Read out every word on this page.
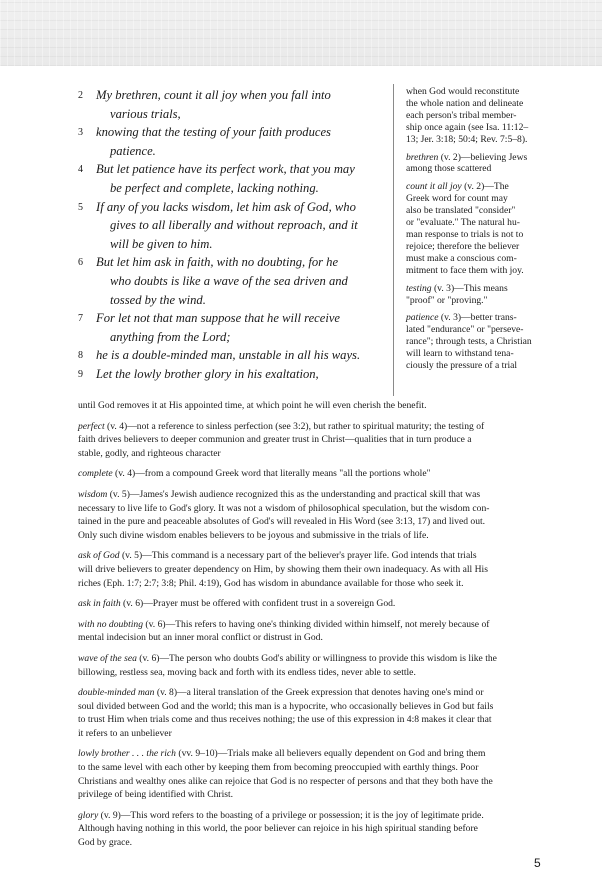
2 My brethren, count it all joy when you fall into
various trials,
3 knowing that the testing of your faith produces
patience.
4 But let patience have its perfect work, that you may
be perfect and complete, lacking nothing.
5 If any of you lacks wisdom, let him ask of God, who
gives to all liberally and without reproach, and it
will be given to him.
6 But let him ask in faith, with no doubting, for he
who doubts is like a wave of the sea driven and
tossed by the wind.
7 For let not that man suppose that he will receive
anything from the Lord;
8 he is a double-minded man, unstable in all his ways.
9 Let the lowly brother glory in his exaltation,
when God would reconstitute
the whole nation and delineate
each person's tribal member-
ship once again (see Isa. 11:12–
13; Jer. 3:18; 50:4; Rev. 7:5–8).
brethren (v. 2)—believing Jews
among those scattered
count it all joy (v. 2)—The
Greek word for count may
also be translated "consider"
or "evaluate." The natural hu-
man response to trials is not to
rejoice; therefore the believer
must make a conscious com-
mitment to face them with joy.
testing (v. 3)—This means
"proof" or "proving."
patience (v. 3)—better trans-
lated "endurance" or "perseve-
rance"; through tests, a Christian
will learn to withstand tena-
ciously the pressure of a trial
until God removes it at His appointed time, at which point he will even cherish the benefit.
perfect (v. 4)—not a reference to sinless perfection (see 3:2), but rather to spiritual maturity; the testing of
faith drives believers to deeper communion and greater trust in Christ—qualities that in turn produce a
stable, godly, and righteous character
complete (v. 4)—from a compound Greek word that literally means "all the portions whole"
wisdom (v. 5)—James's Jewish audience recognized this as the understanding and practical skill that was
necessary to live life to God's glory. It was not a wisdom of philosophical speculation, but the wisdom con-
tained in the pure and peaceable absolutes of God's will revealed in His Word (see 3:13, 17) and lived out.
Only such divine wisdom enables believers to be joyous and submissive in the trials of life.
ask of God (v. 5)—This command is a necessary part of the believer's prayer life. God intends that trials
will drive believers to greater dependency on Him, by showing them their own inadequacy. As with all His
riches (Eph. 1:7; 2:7; 3:8; Phil. 4:19), God has wisdom in abundance available for those who seek it.
ask in faith (v. 6)—Prayer must be offered with confident trust in a sovereign God.
with no doubting (v. 6)—This refers to having one's thinking divided within himself, not merely because of
mental indecision but an inner moral conflict or distrust in God.
wave of the sea (v. 6)—The person who doubts God's ability or willingness to provide this wisdom is like the
billowing, restless sea, moving back and forth with its endless tides, never able to settle.
double-minded man (v. 8)—a literal translation of the Greek expression that denotes having one's mind or
soul divided between God and the world; this man is a hypocrite, who occasionally believes in God but fails
to trust Him when trials come and thus receives nothing; the use of this expression in 4:8 makes it clear that
it refers to an unbeliever
lowly brother . . . the rich (vv. 9–10)—Trials make all believers equally dependent on God and bring them
to the same level with each other by keeping them from becoming preoccupied with earthly things. Poor
Christians and wealthy ones alike can rejoice that God is no respecter of persons and that they both have the
privilege of being identified with Christ.
glory (v. 9)—This word refers to the boasting of a privilege or possession; it is the joy of legitimate pride.
Although having nothing in this world, the poor believer can rejoice in his high spiritual standing before
God by grace.
5
